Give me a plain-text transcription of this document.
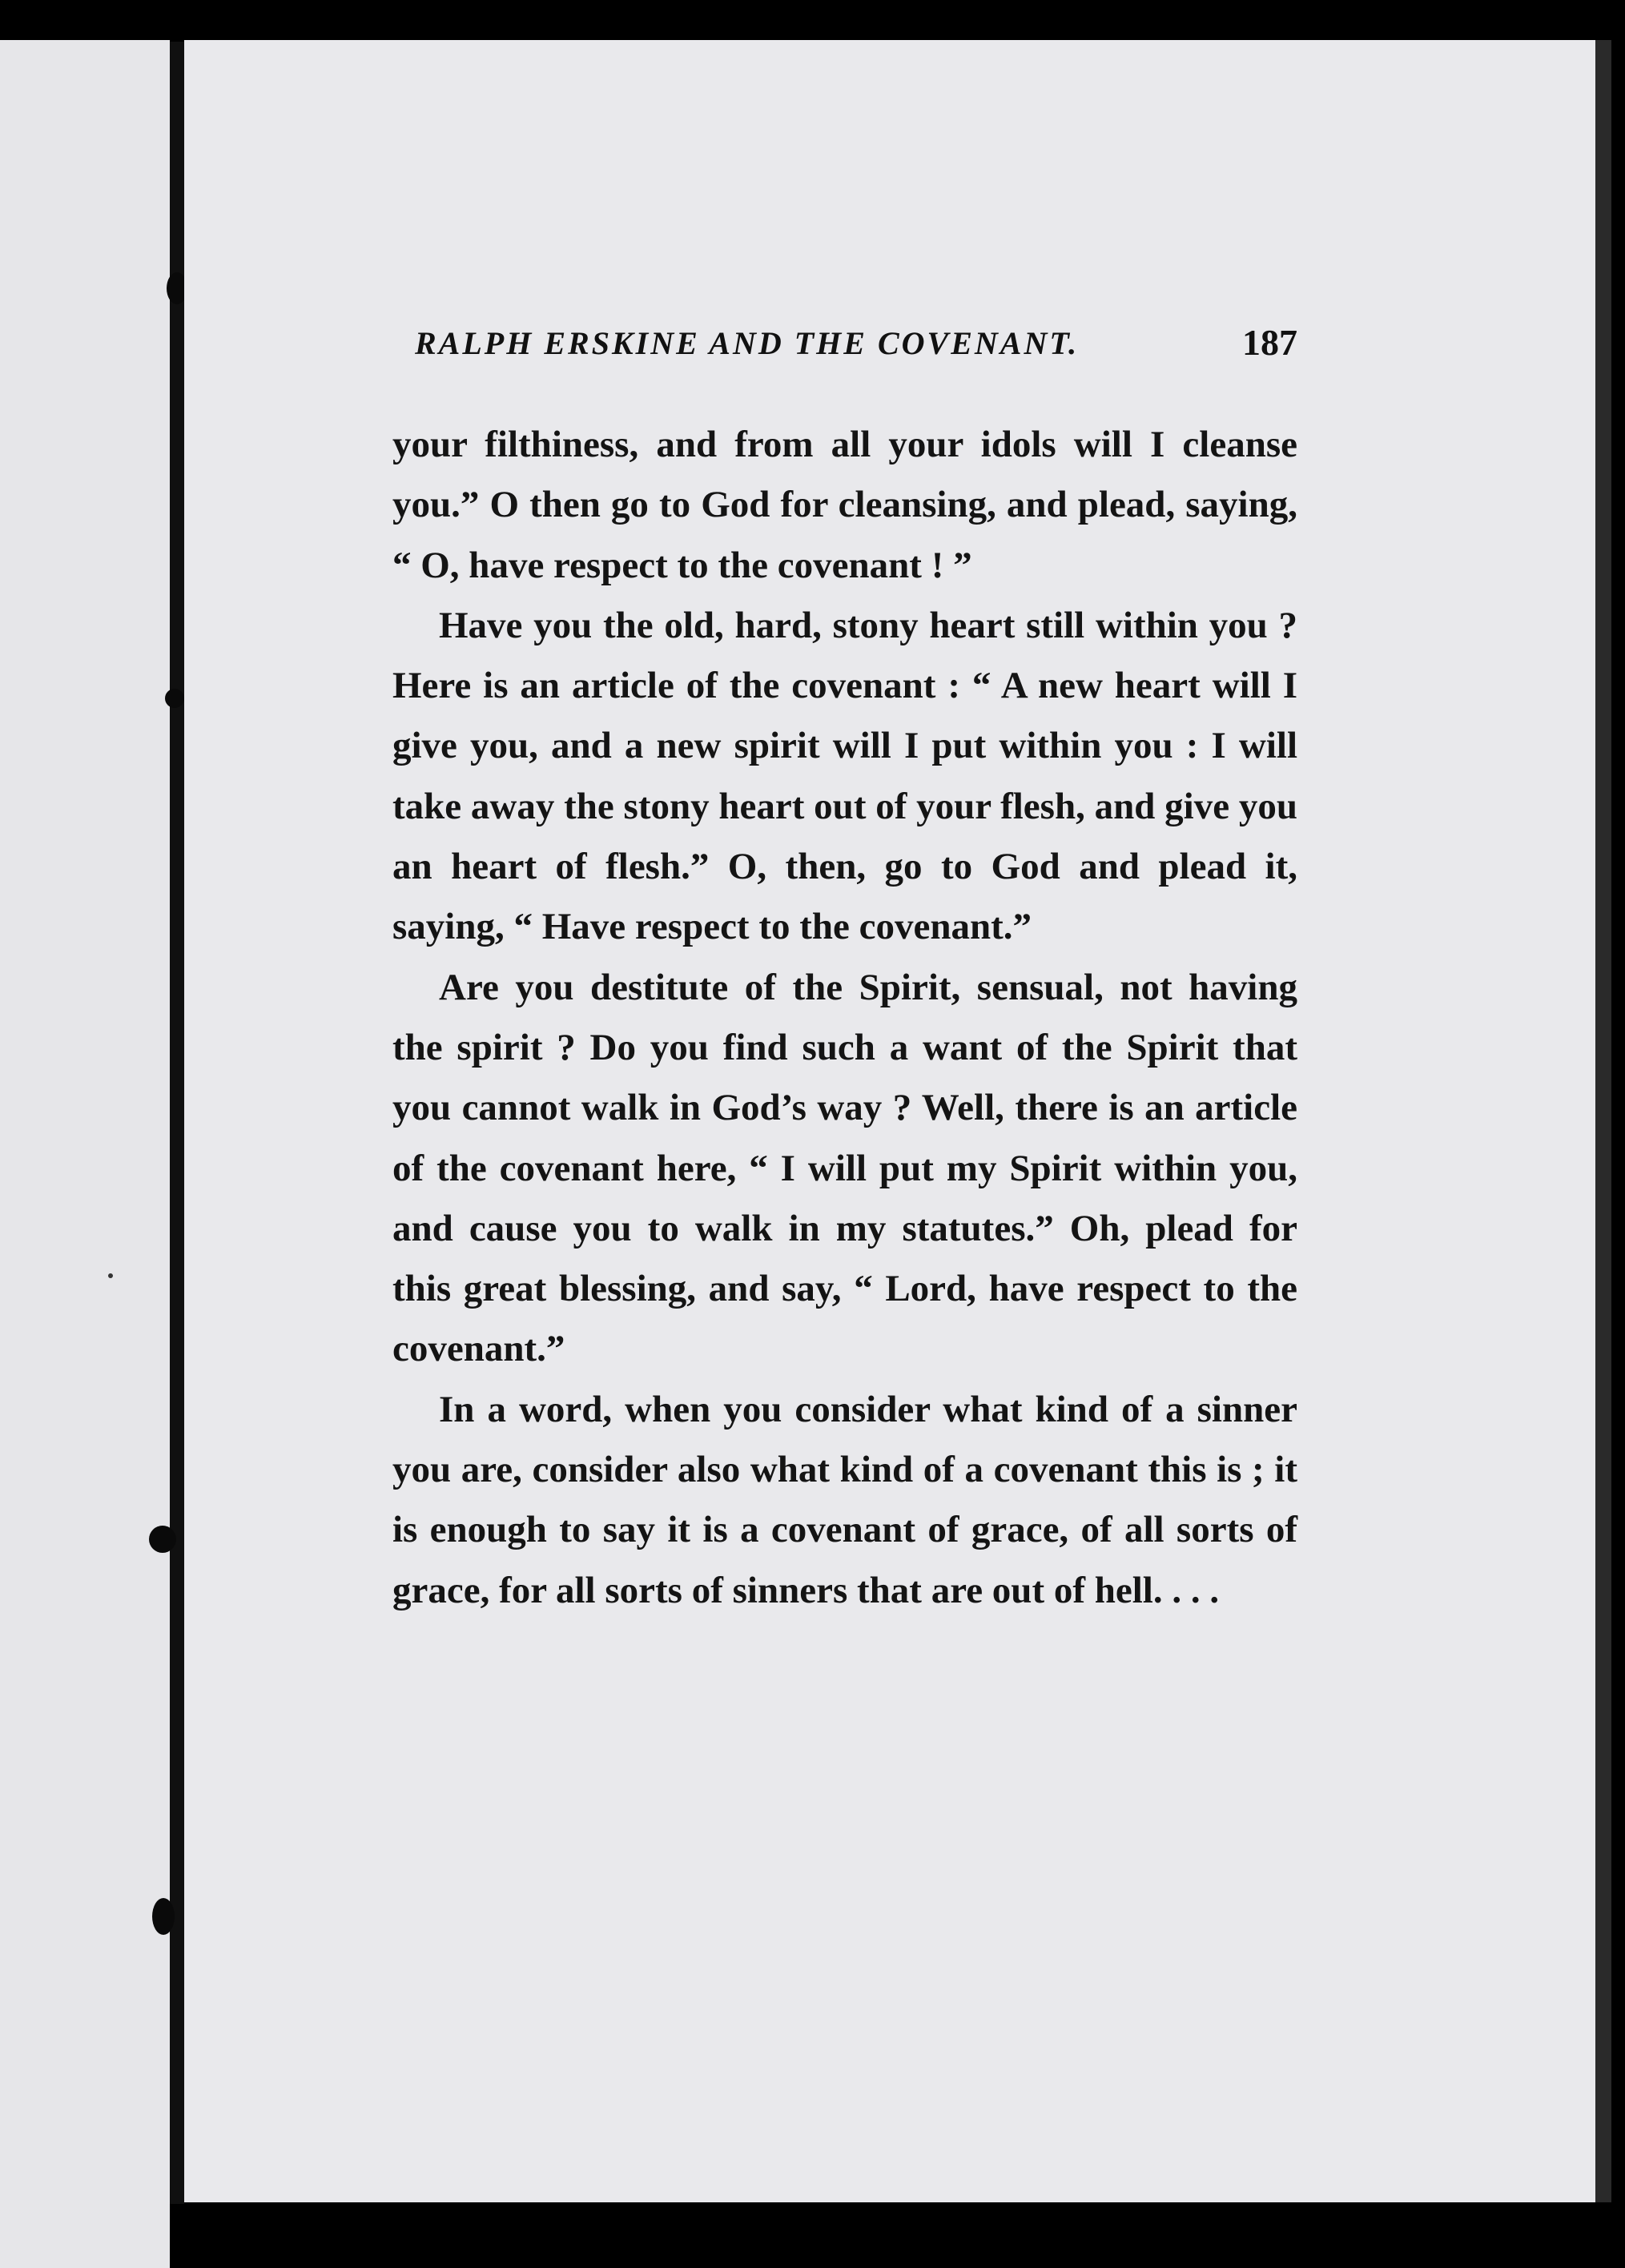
RALPH ERSKINE AND THE COVENANT.	187

your filthiness, and from all your idols will I cleanse you.” O then go to God for cleansing, and plead, saying, “ O, have respect to the covenant ! ”

Have you the old, hard, stony heart still within you ? Here is an article of the covenant : “ A new heart will I give you, and a new spirit will I put within you : I will take away the stony heart out of your flesh, and give you an heart of flesh.” O, then, go to God and plead it, saying, “ Have respect to the covenant.”

Are you destitute of the Spirit, sensual, not having the spirit ? Do you find such a want of the Spirit that you cannot walk in God’s way ? Well, there is an article of the covenant here, “ I will put my Spirit within you, and cause you to walk in my statutes.” Oh, plead for this great blessing, and say, “ Lord, have respect to the covenant.”

In a word, when you consider what kind of a sinner you are, consider also what kind of a covenant this is ; it is enough to say it is a covenant of grace, of all sorts of grace, for all sorts of sinners that are out of hell. . . .
